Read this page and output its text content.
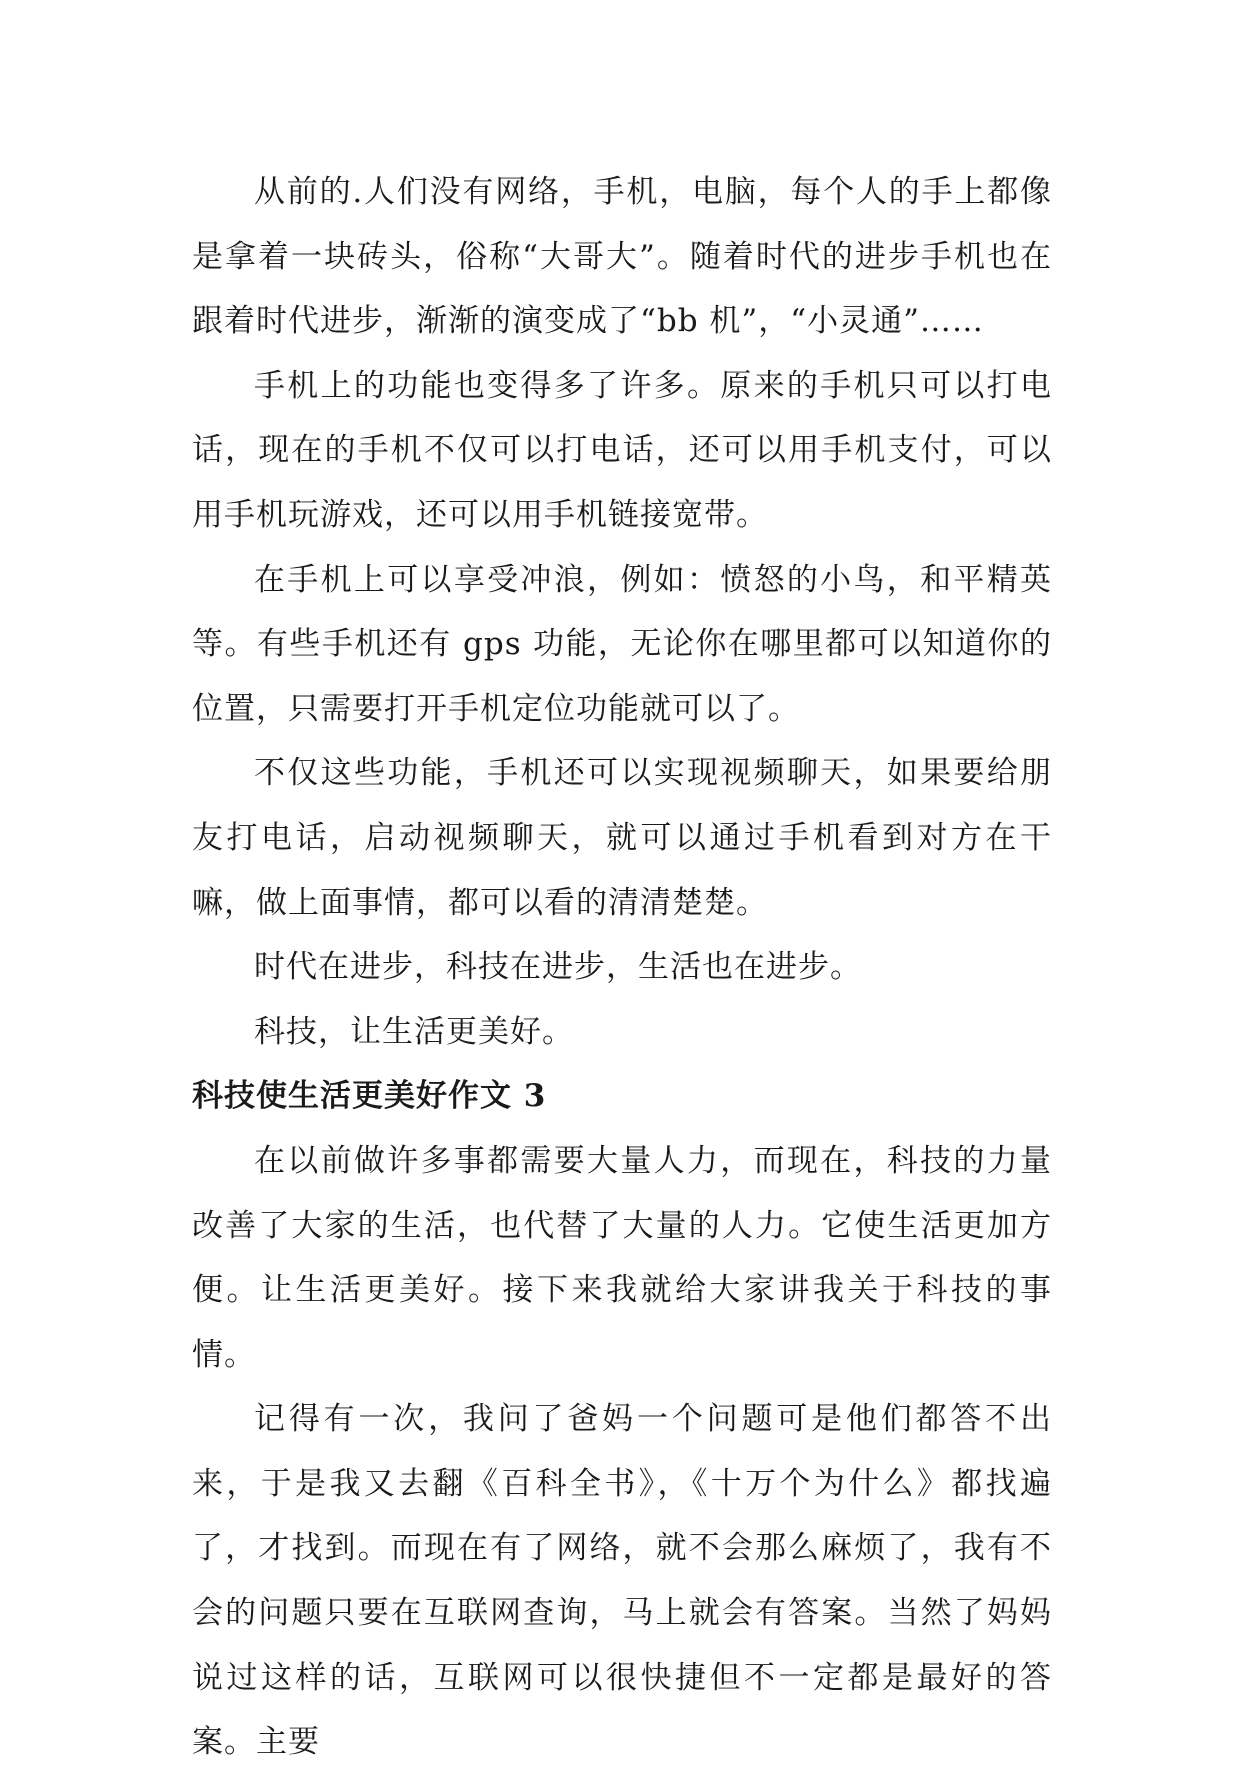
从前的.人们没有网络，手机，电脑，每个人的手上都像是拿着一块砖头，俗称“大哥大”。随着时代的进步手机也在跟着时代进步，渐渐的演变成了“bb 机”，“小灵通”……

手机上的功能也变得多了许多。原来的手机只可以打电话，现在的手机不仅可以打电话，还可以用手机支付，可以用手机玩游戏，还可以用手机链接宽带。

在手机上可以享受冲浪，例如：愤怒的小鸟，和平精英等。有些手机还有 gps 功能，无论你在哪里都可以知道你的位置，只需要打开手机定位功能就可以了。

不仅这些功能，手机还可以实现视频聊天，如果要给朋友打电话，启动视频聊天，就可以通过手机看到对方在干嘛，做上面事情，都可以看的清清楚楚。

时代在进步，科技在进步，生活也在进步。

科技，让生活更美好。

科技使生活更美好作文 3

在以前做许多事都需要大量人力，而现在，科技的力量改善了大家的生活，也代替了大量的人力。它使生活更加方便。让生活更美好。接下来我就给大家讲我关于科技的事情。

记得有一次，我问了爸妈一个问题可是他们都答不出来，于是我又去翻《百科全书》，《十万个为什么》都找遍了，才找到。而现在有了网络，就不会那么麻烦了，我有不会的问题只要在互联网查询，马上就会有答案。当然了妈妈说过这样的话，互联网可以很快捷但不一定都是最好的答案。主要
